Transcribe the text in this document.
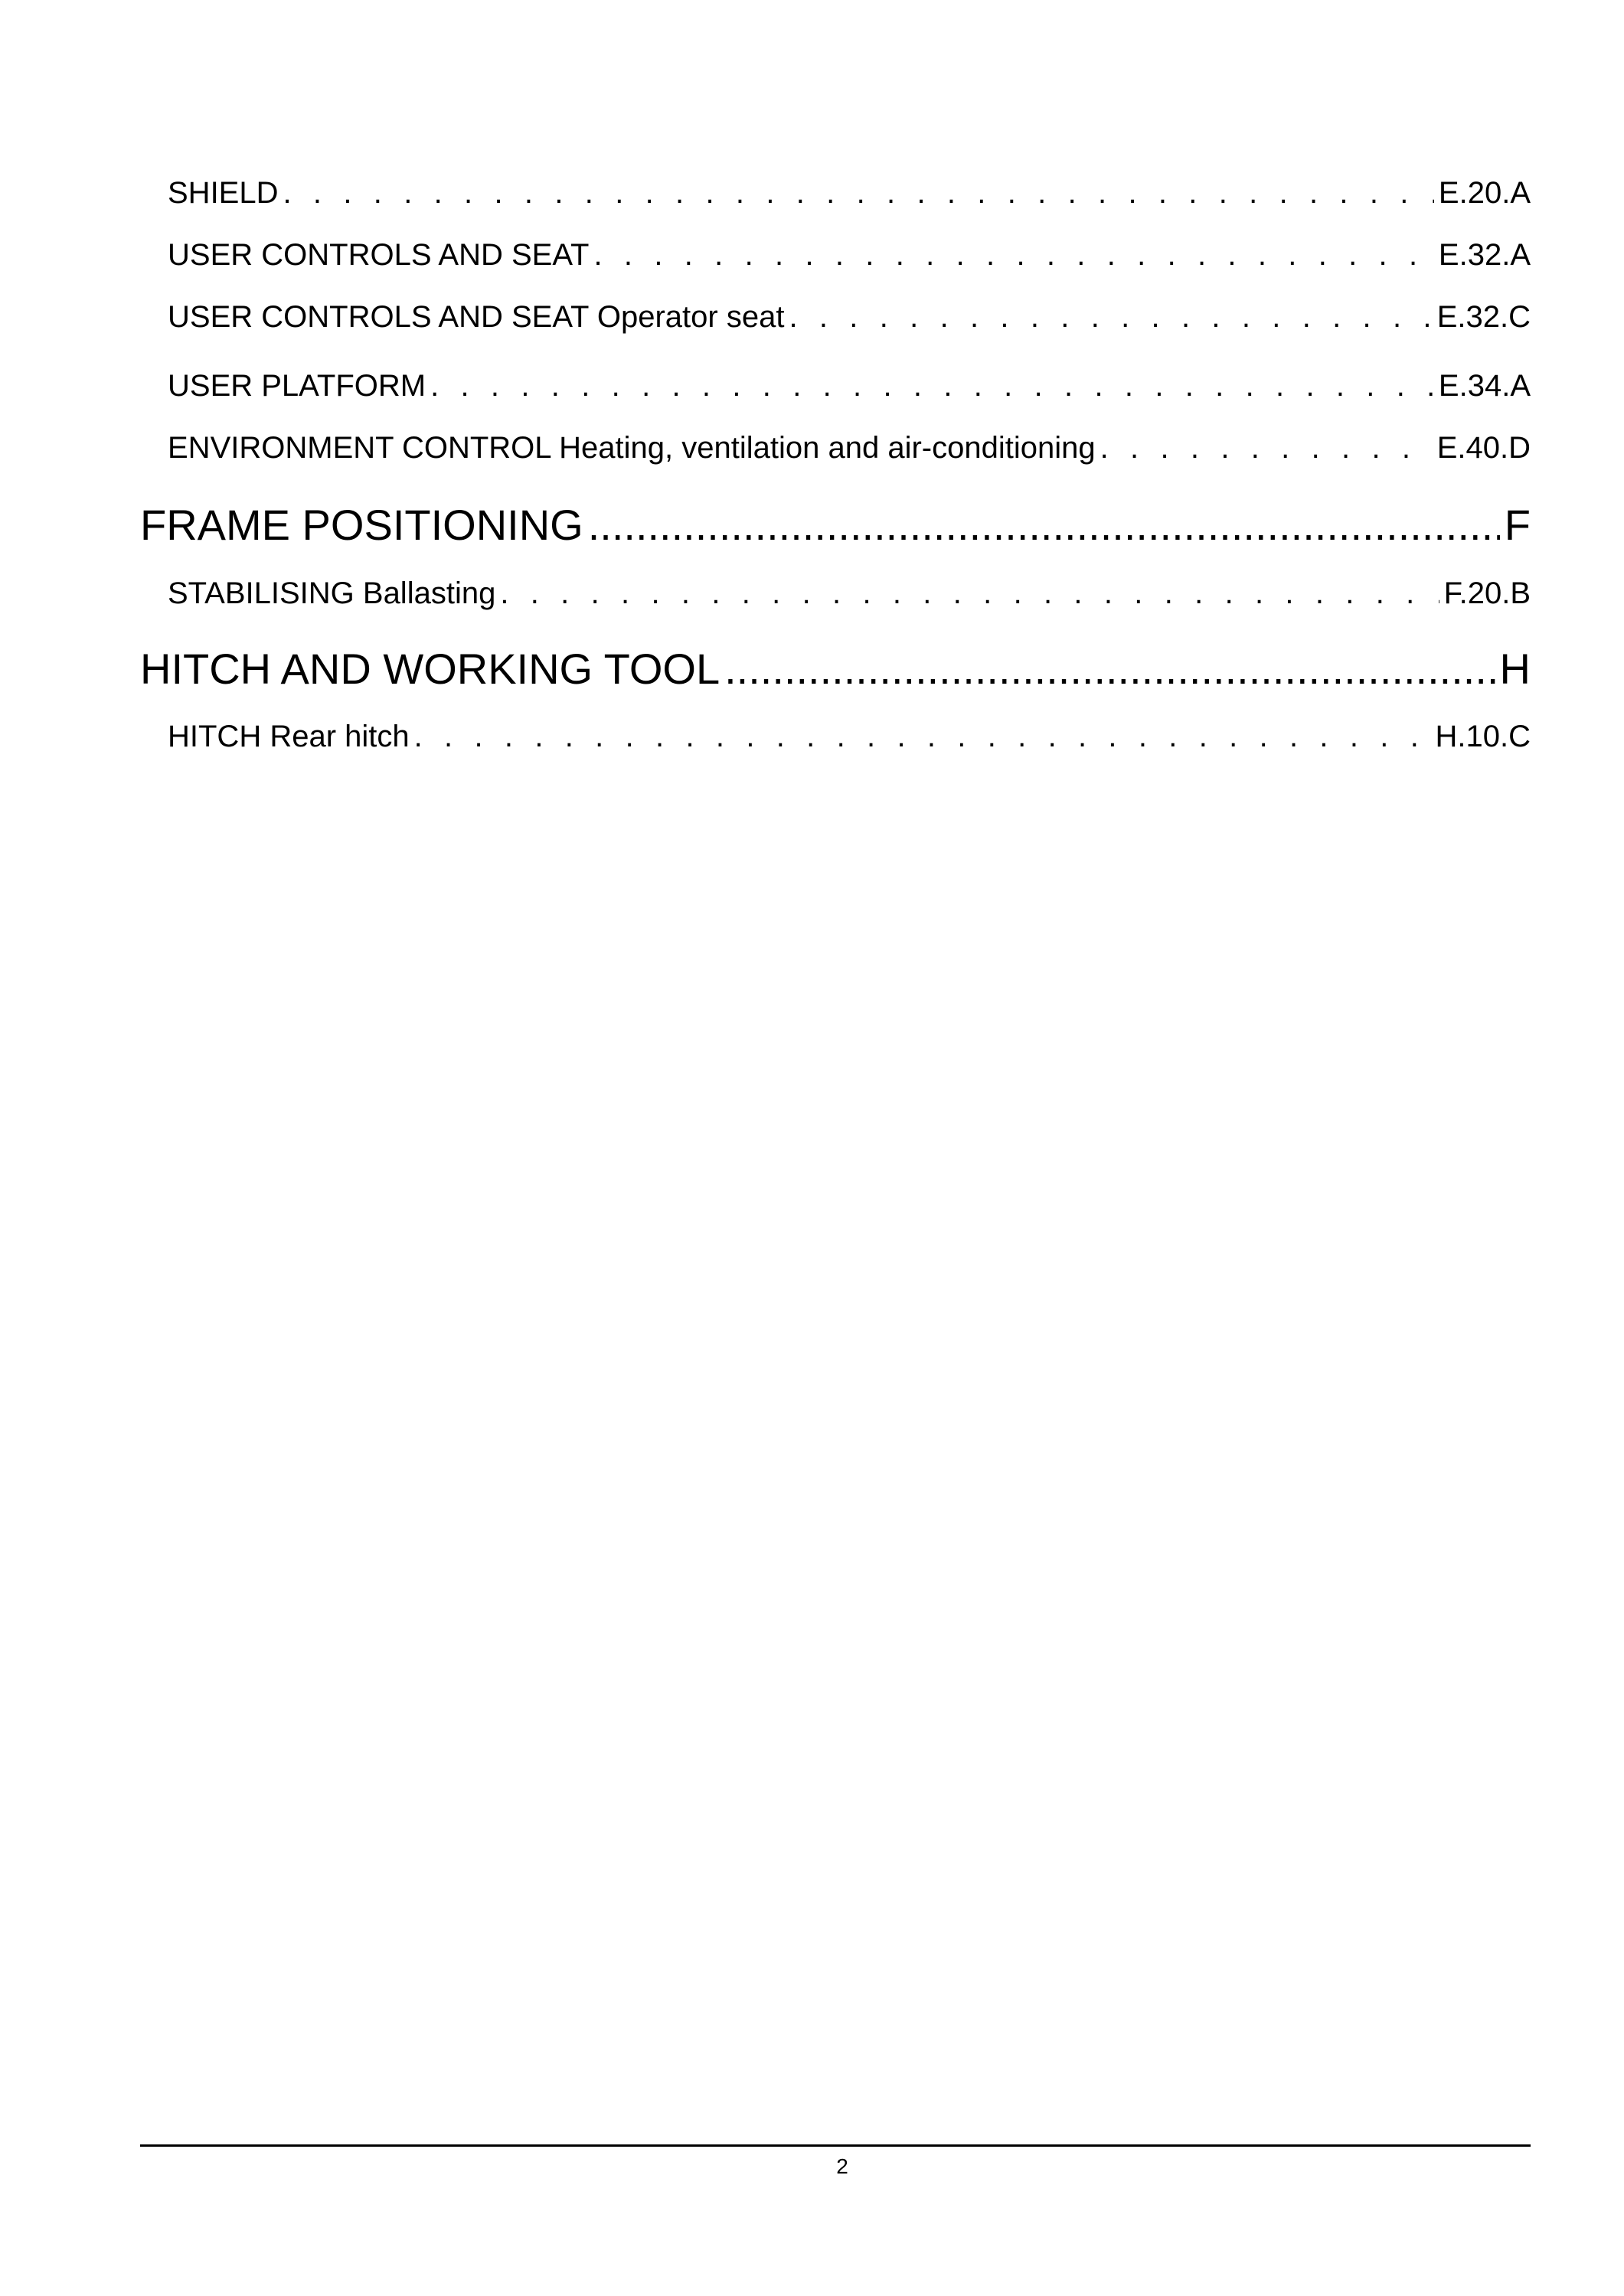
SHIELD . . .	E.20.A
USER CONTROLS AND SEAT . . .	E.32.A
USER CONTROLS AND SEAT Operator seat . . .	E.32.C
USER PLATFORM . . .	E.34.A
ENVIRONMENT CONTROL Heating, ventilation and air-conditioning . . .	E.40.D
FRAME POSITIONING .....	F
STABILISING Ballasting . . .	F.20.B
HITCH AND WORKING TOOL .....	H
HITCH Rear hitch . . .	H.10.C
2
